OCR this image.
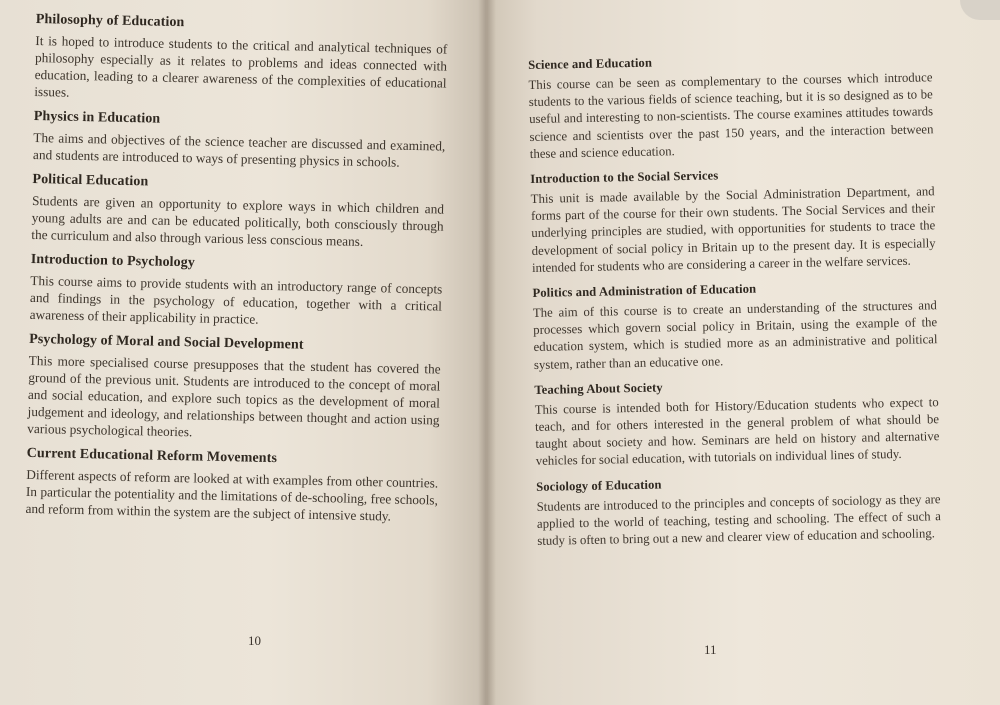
Philosophy of Education

It is hoped to introduce students to the critical and analytical techniques of philosophy especially as it relates to problems and ideas connected with education, leading to a clearer awareness of the complexities of educational issues.

Physics in Education

The aims and objectives of the science teacher are discussed and examined, and students are introduced to ways of presenting physics in schools.

Political Education

Students are given an opportunity to explore ways in which children and young adults are and can be educated politically, both consciously through the curriculum and also through various less conscious means.

Introduction to Psychology

This course aims to provide students with an introductory range of concepts and findings in the psychology of education, together with a critical awareness of their applicability in practice.

Psychology of Moral and Social Development

This more specialised course presupposes that the student has covered the ground of the previous unit. Students are introduced to the concept of moral and social education, and explore such topics as the development of moral judgement and ideology, and relationships between thought and action using various psychological theories.

Current Educational Reform Movements

Different aspects of reform are looked at with examples from other countries. In particular the potentiality and the limitations of de-schooling, free schools, and reform from within the system are the subject of intensive study.

10
Science and Education

This course can be seen as complementary to the courses which introduce students to the various fields of science teaching, but it is so designed as to be useful and interesting to non-scientists. The course examines attitudes towards science and scientists over the past 150 years, and the interaction between these and science education.

Introduction to the Social Services

This unit is made available by the Social Administration Department, and forms part of the course for their own students. The Social Services and their underlying principles are studied, with opportunities for students to trace the development of social policy in Britain up to the present day. It is especially intended for students who are considering a career in the welfare services.

Politics and Administration of Education

The aim of this course is to create an understanding of the structures and processes which govern social policy in Britain, using the example of the education system, which is studied more as an administrative and political system, rather than an educative one.

Teaching About Society

This course is intended both for History/Education students who expect to teach, and for others interested in the general problem of what should be taught about society and how. Seminars are held on history and alternative vehicles for social education, with tutorials on individual lines of study.

Sociology of Education

Students are introduced to the principles and concepts of sociology as they are applied to the world of teaching, testing and schooling. The effect of such a study is often to bring out a new and clearer view of education and schooling.

11
